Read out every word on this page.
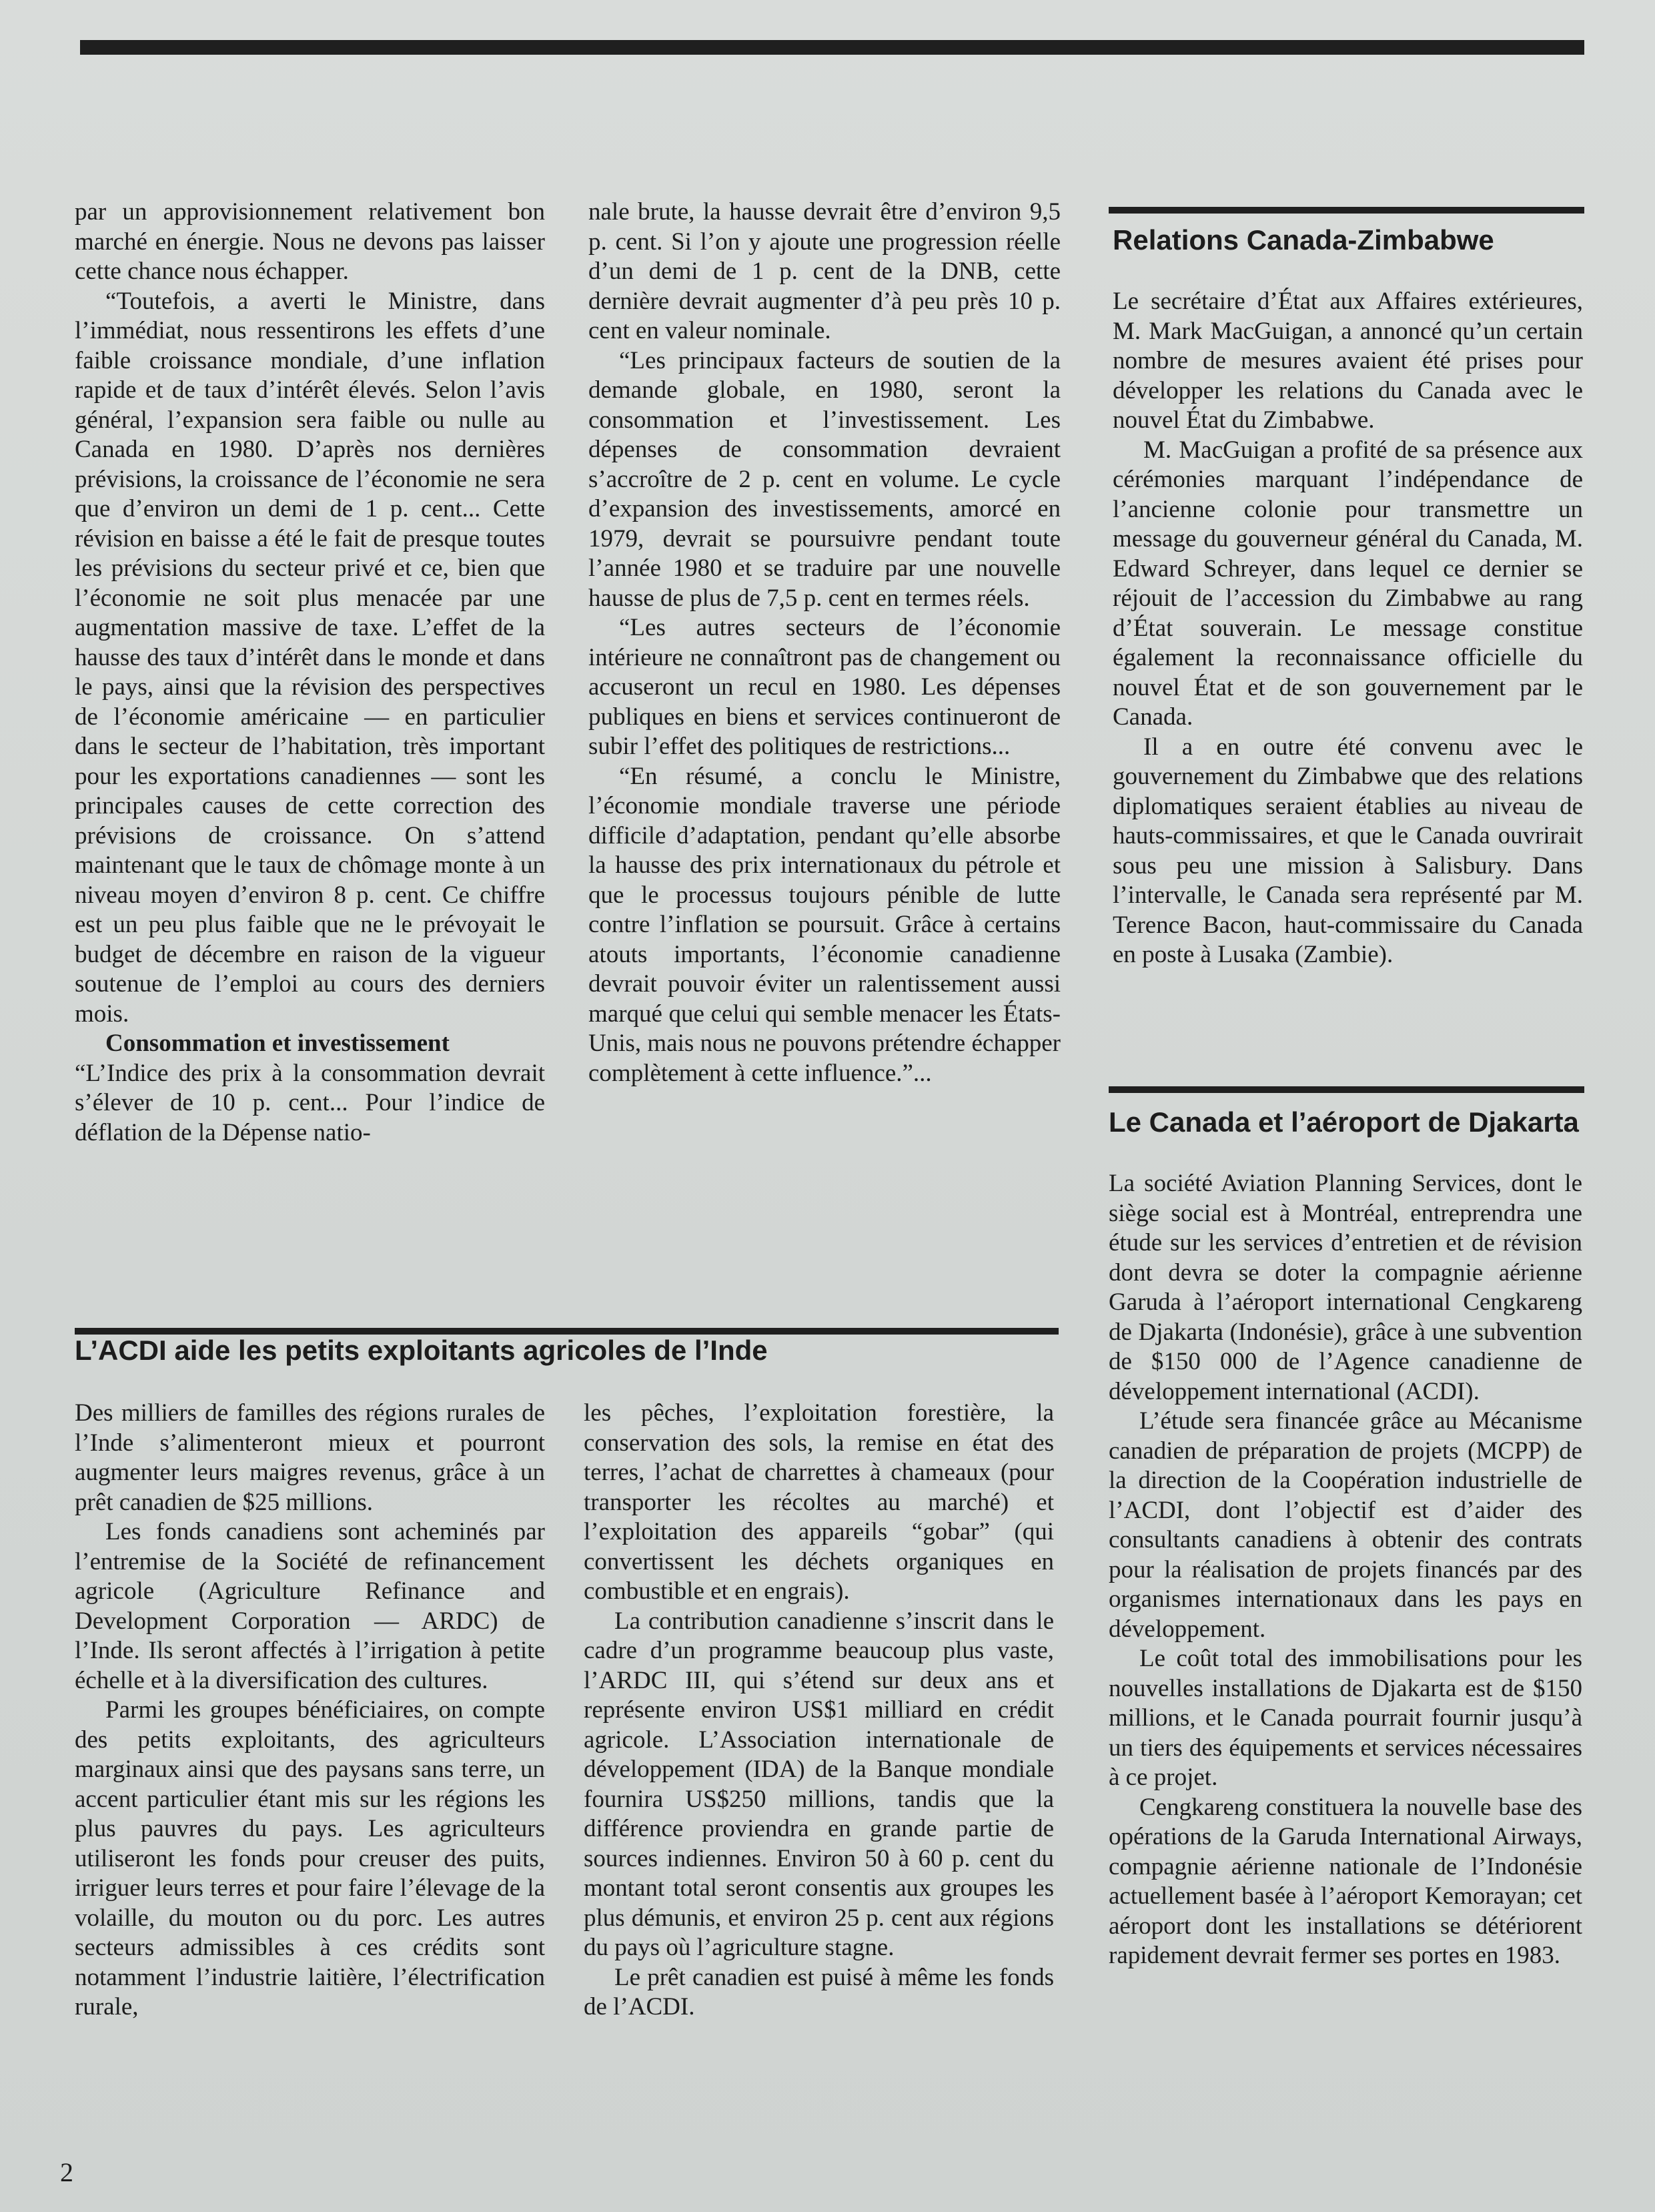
par un approvisionnement relativement bon marché en énergie. Nous ne devons pas laisser cette chance nous échapper.

“Toutefois, a averti le Ministre, dans l’immédiat, nous ressentirons les effets d’une faible croissance mondiale, d’une inflation rapide et de taux d’intérêt élevés. Selon l’avis général, l’expansion sera faible ou nulle au Canada en 1980. D’après nos dernières prévisions, la croissance de l’économie ne sera que d’environ un demi de 1 p. cent... Cette révision en baisse a été le fait de presque toutes les prévisions du secteur privé et ce, bien que l’économie ne soit plus menacée par une augmentation massive de taxe. L’effet de la hausse des taux d’intérêt dans le monde et dans le pays, ainsi que la révision des perspectives de l’économie américaine — en particulier dans le secteur de l’habitation, très important pour les exportations canadiennes — sont les principales causes de cette correction des prévisions de croissance. On s’attend maintenant que le taux de chômage monte à un niveau moyen d’environ 8 p. cent. Ce chiffre est un peu plus faible que ne le prévoyait le budget de décembre en raison de la vigueur soutenue de l’emploi au cours des derniers mois.

Consommation et investissement

“L’Indice des prix à la consommation devrait s’élever de 10 p. cent... Pour l’indice de déflation de la Dépense natio-

nale brute, la hausse devrait être d’environ 9,5 p. cent. Si l’on y ajoute une progression réelle d’un demi de 1 p. cent de la DNB, cette dernière devrait augmenter d’à peu près 10 p. cent en valeur nominale.

“Les principaux facteurs de soutien de la demande globale, en 1980, seront la consommation et l’investissement. Les dépenses de consommation devraient s’accroître de 2 p. cent en volume. Le cycle d’expansion des investissements, amorcé en 1979, devrait se poursuivre pendant toute l’année 1980 et se traduire par une nouvelle hausse de plus de 7,5 p. cent en termes réels.

“Les autres secteurs de l’économie intérieure ne connaîtront pas de changement ou accuseront un recul en 1980. Les dépenses publiques en biens et services continueront de subir l’effet des politiques de restrictions...

“En résumé, a conclu le Ministre, l’économie mondiale traverse une période difficile d’adaptation, pendant qu’elle absorbe la hausse des prix internationaux du pétrole et que le processus toujours pénible de lutte contre l’inflation se poursuit. Grâce à certains atouts importants, l’économie canadienne devrait pouvoir éviter un ralentissement aussi marqué que celui qui semble menacer les États-Unis, mais nous ne pouvons prétendre échapper complètement à cette influence.”...

Relations Canada-Zimbabwe

Le secrétaire d’État aux Affaires extérieures, M. Mark MacGuigan, a annoncé qu’un certain nombre de mesures avaient été prises pour développer les relations du Canada avec le nouvel État du Zimbabwe.

M. MacGuigan a profité de sa présence aux cérémonies marquant l’indépendance de l’ancienne colonie pour transmettre un message du gouverneur général du Canada, M. Edward Schreyer, dans lequel ce dernier se réjouit de l’accession du Zimbabwe au rang d’État souverain. Le message constitue également la reconnaissance officielle du nouvel État et de son gouvernement par le Canada.

Il a en outre été convenu avec le gouvernement du Zimbabwe que des relations diplomatiques seraient établies au niveau de hauts-commissaires, et que le Canada ouvrirait sous peu une mission à Salisbury. Dans l’intervalle, le Canada sera représenté par M. Terence Bacon, haut-commissaire du Canada en poste à Lusaka (Zambie).

Le Canada et l’aéroport de Djakarta

La société Aviation Planning Services, dont le siège social est à Montréal, entreprendra une étude sur les services d’entretien et de révision dont devra se doter la compagnie aérienne Garuda à l’aéroport international Cengkareng de Djakarta (Indonésie), grâce à une subvention de $150 000 de l’Agence canadienne de développement international (ACDI).

L’étude sera financée grâce au Mécanisme canadien de préparation de projets (MCPP) de la direction de la Coopération industrielle de l’ACDI, dont l’objectif est d’aider des consultants canadiens à obtenir des contrats pour la réalisation de projets financés par des organismes internationaux dans les pays en développement.

Le coût total des immobilisations pour les nouvelles installations de Djakarta est de $150 millions, et le Canada pourrait fournir jusqu’à un tiers des équipements et services nécessaires à ce projet.

Cengkareng constituera la nouvelle base des opérations de la Garuda International Airways, compagnie aérienne nationale de l’Indonésie actuellement basée à l’aéroport Kemorayan; cet aéroport dont les installations se détériorent rapidement devrait fermer ses portes en 1983.

L’ACDI aide les petits exploitants agricoles de l’Inde

Des milliers de familles des régions rurales de l’Inde s’alimenteront mieux et pourront augmenter leurs maigres revenus, grâce à un prêt canadien de $25 millions.

Les fonds canadiens sont acheminés par l’entremise de la Société de refinancement agricole (Agriculture Refinance and Development Corporation — ARDC) de l’Inde. Ils seront affectés à l’irrigation à petite échelle et à la diversification des cultures.

Parmi les groupes bénéficiaires, on compte des petits exploitants, des agriculteurs marginaux ainsi que des paysans sans terre, un accent particulier étant mis sur les régions les plus pauvres du pays. Les agriculteurs utiliseront les fonds pour creuser des puits, irriguer leurs terres et pour faire l’élevage de la volaille, du mouton ou du porc. Les autres secteurs admissibles à ces crédits sont notamment l’industrie laitière, l’électrification rurale,

les pêches, l’exploitation forestière, la conservation des sols, la remise en état des terres, l’achat de charrettes à chameaux (pour transporter les récoltes au marché) et l’exploitation des appareils “gobar” (qui convertissent les déchets organiques en combustible et en engrais).

La contribution canadienne s’inscrit dans le cadre d’un programme beaucoup plus vaste, l’ARDC III, qui s’étend sur deux ans et représente environ US$1 milliard en crédit agricole. L’Association internationale de développement (IDA) de la Banque mondiale fournira US$250 millions, tandis que la différence proviendra en grande partie de sources indiennes. Environ 50 à 60 p. cent du montant total seront consentis aux groupes les plus démunis, et environ 25 p. cent aux régions du pays où l’agriculture stagne.

Le prêt canadien est puisé à même les fonds de l’ACDI.

2
